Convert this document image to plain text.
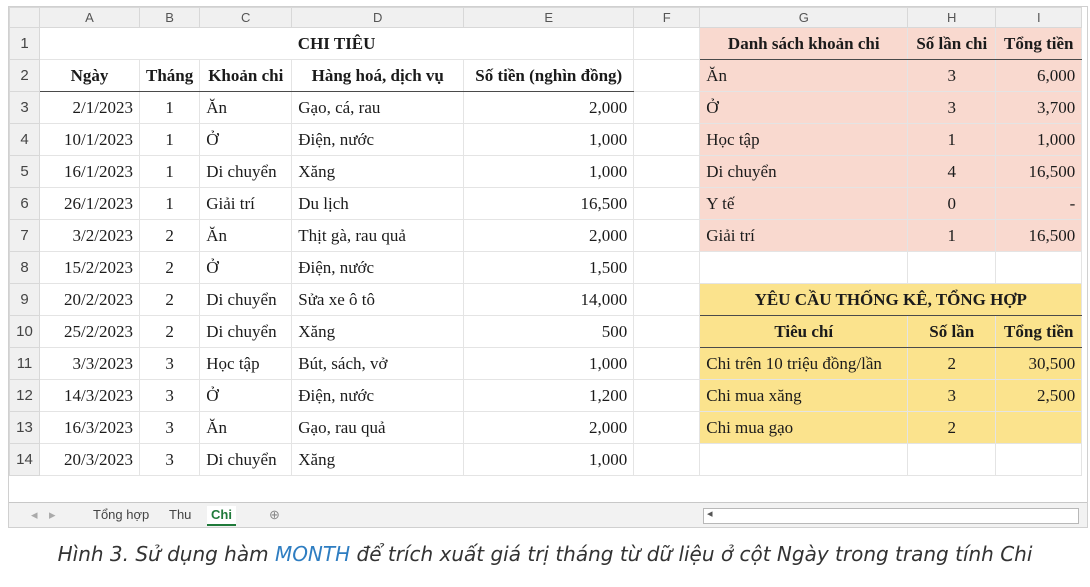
	A	B	C	D	E	F	G	H	I
1	CHI TIÊU						Danh sách khoản chi	Số lần chi	Tổng tiền
2	Ngày	Tháng	Khoản chi	Hàng hoá, dịch vụ	Số tiền (nghìn đồng)		Ăn	3	6,000
3	2/1/2023	1	Ăn	Gạo, cá, rau	2,000		Ở	3	3,700
4	10/1/2023	1	Ở	Điện, nước	1,000		Học tập	1	1,000
5	16/1/2023	1	Di chuyển	Xăng	1,000		Di chuyển	4	16,500
6	26/1/2023	1	Giải trí	Du lịch	16,500		Y tế	0	-
7	3/2/2023	2	Ăn	Thịt gà, rau quả	2,000		Giải trí	1	16,500
8	15/2/2023	2	Ở	Điện, nước	1,500				
9	20/2/2023	2	Di chuyển	Sửa xe ô tô	14,000		YÊU CẦU THỐNG KÊ, TỔNG HỢP		
10	25/2/2023	2	Di chuyển	Xăng	500		Tiêu chí	Số lần	Tổng tiền
11	3/3/2023	3	Học tập	Bút, sách, vở	1,000		Chi trên 10 triệu đồng/lần	2	30,500
12	14/3/2023	3	Ở	Điện, nước	1,200		Chi mua xăng	3	2,500
13	16/3/2023	3	Ăn	Gạo, rau quả	2,000		Chi mua gạo	2	
14	20/3/2023	3	Di chuyển	Xăng	1,000				
◂ ▸	Tổng hợp	Thu	Chi	⊕	◂
Hình 3. Sử dụng hàm MONTH để trích xuất giá trị tháng từ dữ liệu ở cột Ngày trong trang tính Chi
